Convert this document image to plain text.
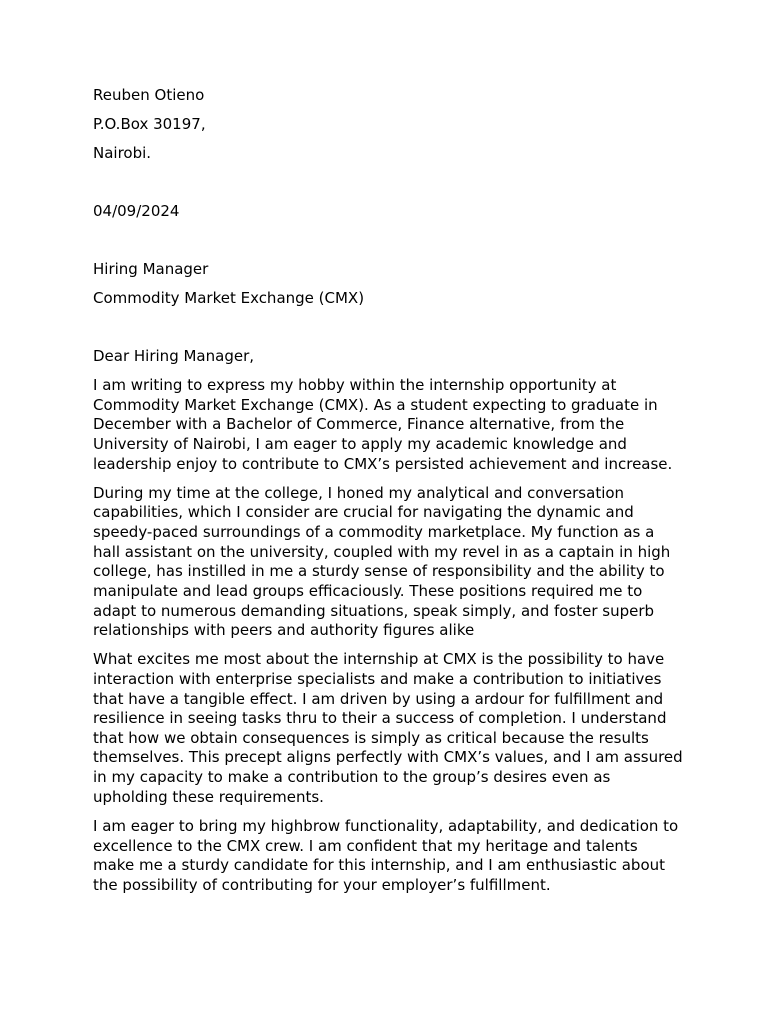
Reuben Otieno
P.O.Box 30197,
Nairobi.
04/09/2024
Hiring Manager
Commodity Market Exchange (CMX)
Dear Hiring Manager,

I am writing to express my hobby within the internship opportunity at Commodity Market Exchange (CMX). As a student expecting to graduate in December with a Bachelor of Commerce, Finance alternative, from the University of Nairobi, I am eager to apply my academic knowledge and leadership enjoy to contribute to CMX’s persisted achievement and increase.

During my time at the college, I honed my analytical and conversation capabilities, which I consider are crucial for navigating the dynamic and speedy-paced surroundings of a commodity marketplace. My function as a hall assistant on the university, coupled with my revel in as a captain in high college, has instilled in me a sturdy sense of responsibility and the ability to manipulate and lead groups efficaciously. These positions required me to adapt to numerous demanding situations, speak simply, and foster superb relationships with peers and authority figures alike

What excites me most about the internship at CMX is the possibility to have interaction with enterprise specialists and make a contribution to initiatives that have a tangible effect. I am driven by using a ardour for fulfillment and resilience in seeing tasks thru to their a success of completion. I understand that how we obtain consequences is simply as critical because the results themselves. This precept aligns perfectly with CMX’s values, and I am assured in my capacity to make a contribution to the group’s desires even as upholding these requirements.

I am eager to bring my highbrow functionality, adaptability, and dedication to excellence to the CMX crew. I am confident that my heritage and talents make me a sturdy candidate for this internship, and I am enthusiastic about the possibility of contributing for your employer’s fulfillment.
